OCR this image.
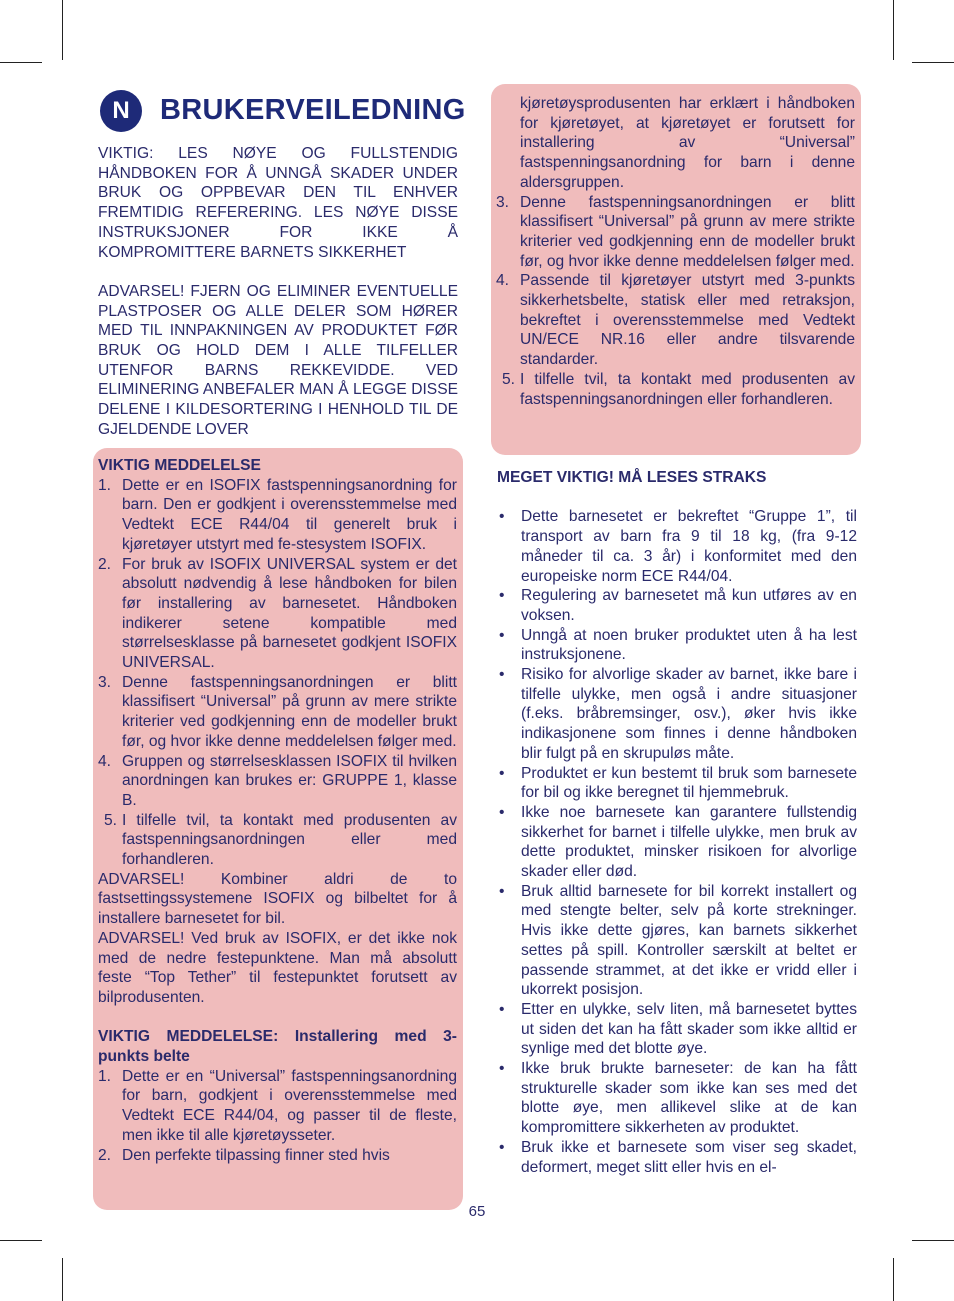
N	BRUKERVEILEDNING
VIKTIG: LES NØYE OG FULLSTENDIG HÅNDBOKEN FOR Å UNNGÅ SKADER UNDER BRUK OG OPPBEVAR DEN TIL ENHVER FREMTIDIG REFERERING. LES NØYE DISSE INSTRUKSJONER FOR IKKE Å KOMPROMITTERE BARNETS SIKKERHET
ADVARSEL! FJERN OG ELIMINER EVENTUELLE PLASTPOSER OG ALLE DELER SOM HØRER MED TIL INNPAKNINGEN AV PRODUKTET FØR BRUK OG HOLD DEM I ALLE TILFELLER UTENFOR BARNS REKKEVIDDE. VED ELIMINERING ANBEFALER MAN Å LEGGE DISSE DELENE I KILDESORTERING I HENHOLD TIL DE GJELDENDE LOVER
VIKTIG MEDDELELSE
1. Dette er en ISOFIX fastspenningsanordning for barn. Den er godkjent i overensstemmelse med Vedtekt ECE R44/04 til generelt bruk i kjøretøyer utstyrt med fe-stesystem ISOFIX.
2. For bruk av ISOFIX UNIVERSAL system er det absolutt nødvendig å lese håndboken for bilen før installering av barnesetet. Håndboken indikerer setene kompatible med størrelsesklasse på barnesetet godkjent ISOFIX UNIVERSAL.
3. Denne fastspenningsanordningen er blitt klassifisert “Universal” på grunn av mere strikte kriterier ved godkjenning enn de modeller brukt før, og hvor ikke denne meddelelsen følger med.
4. Gruppen og størrelsesklassen ISOFIX til hvilken anordningen kan brukes er: GRUPPE 1, klasse B.
5. I tilfelle tvil, ta kontakt med produsenten av fastspenningsanordningen eller med forhandleren.
ADVARSEL! Kombiner aldri de to fastsettingssystemene ISOFIX og bilbeltet for å installere barnesetet for bil.
ADVARSEL! Ved bruk av ISOFIX, er det ikke nok med de nedre festepunktene. Man må absolutt feste “Top Tether” til festepunktet forutsett av bilprodusenten.
VIKTIG MEDDELELSE: Installering med 3-punkts belte
1. Dette er en “Universal” fastspenningsanordning for barn, godkjent i overensstemmelse med Vedtekt ECE R44/04, og passer til de fleste, men ikke til alle kjøretøysseter.
2. Den perfekte tilpassing finner sted hvis
kjøretøysprodusenten har erklært i håndboken for kjøretøyet, at kjøretøyet er forutsett for installering av “Universal” fastspenningsanordning for barn i denne aldersgruppen.
3. Denne fastspenningsanordningen er blitt klassifisert “Universal” på grunn av mere strikte kriterier ved godkjenning enn de modeller brukt før, og hvor ikke denne meddelelsen følger med.
4. Passende til kjøretøyer utstyrt med 3-punkts sikkerhetsbelte, statisk eller med retraksjon, bekreftet i overensstemmelse med Vedtekt UN/ECE NR.16 eller andre tilsvarende standarder.
5. I tilfelle tvil, ta kontakt med produsenten av fastspenningsanordningen eller forhandleren.
MEGET VIKTIG! MÅ LESES STRAKS
•	Dette barnesetet er bekreftet “Gruppe 1”, til transport av barn fra 9 til 18 kg, (fra 9-12 måneder til ca. 3 år) i konformitet med den europeiske norm ECE R44/04.
•	Regulering av barnesetet må kun utføres av en voksen.
•	Unngå at noen bruker produktet uten å ha lest instruksjonene.
•	Risiko for alvorlige skader av barnet, ikke bare i tilfelle ulykke, men også i andre situasjoner (f.eks. bråbremsinger, osv.), øker hvis ikke indikasjonene som finnes i denne håndboken blir fulgt på en skrupuløs måte.
•	Produktet er kun bestemt til bruk som barnesete for bil og ikke beregnet til hjemmebruk.
•	Ikke noe barnesete kan garantere fullstendig sikkerhet for barnet i tilfelle ulykke, men bruk av dette produktet, minsker risikoen for alvorlige skader eller død.
•	Bruk alltid barnesete for bil korrekt installert og med stengte belter, selv på korte strekninger. Hvis ikke dette gjøres, kan barnets sikkerhet settes på spill. Kontroller særskilt at beltet er passende strammet, at det ikke er vridd eller i ukorrekt posisjon.
•	Etter en ulykke, selv liten, må barnesetet byttes ut siden det kan ha fått skader som ikke alltid er synlige med det blotte øye.
•	Ikke bruk brukte barneseter: de kan ha fått strukturelle skader som ikke kan ses med det blotte øye, men allikevel slike at de kan kompromittere sikkerheten av produktet.
•	Bruk ikke et barnesete som viser seg skadet, deformert, meget slitt eller hvis en el-
65
